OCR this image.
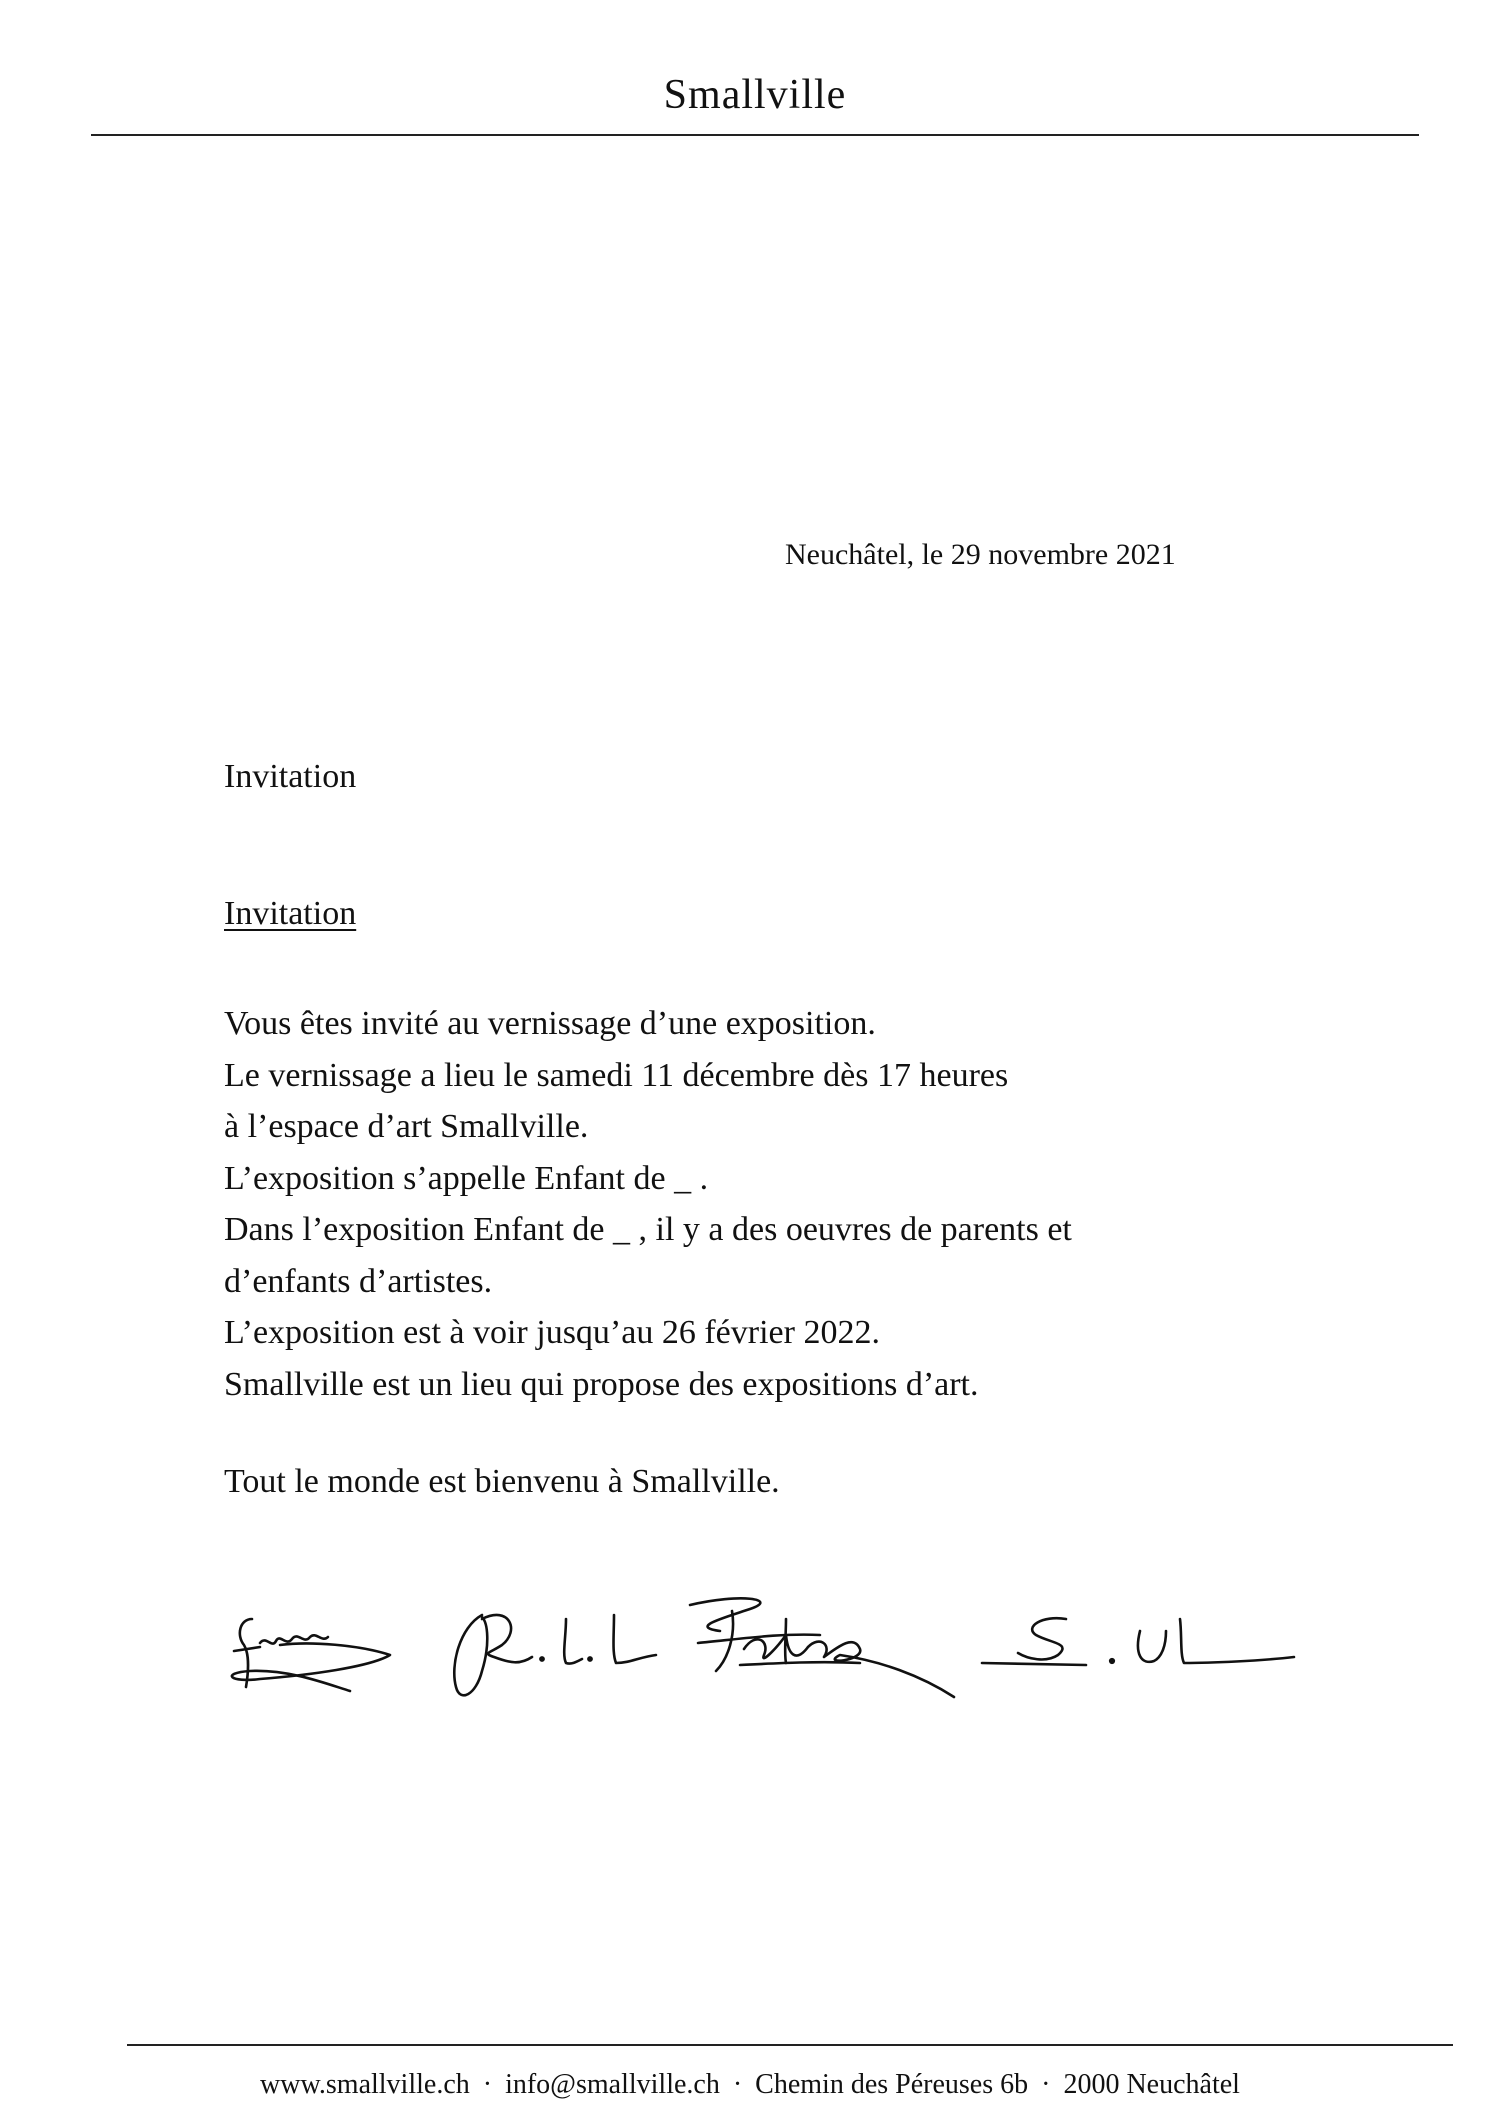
Smallville
Neuchâtel, le 29 novembre 2021
Invitation
Invitation
Vous êtes invité au vernissage d’une exposition.
Le vernissage a lieu le samedi 11 décembre dès 17 heures
à l’espace d’art Smallville.
L’exposition s’appelle Enfant de _ .
Dans l’exposition Enfant de _ , il y a des oeuvres de parents et
d’enfants d’artistes.
L’exposition est à voir jusqu’au 26 février 2022.
Smallville est un lieu qui propose des expositions d’art.
Tout le monde est bienvenu à Smallville.
www.smallville.ch · info@smallville.ch · Chemin des Péreuses 6b · 2000 Neuchâtel
